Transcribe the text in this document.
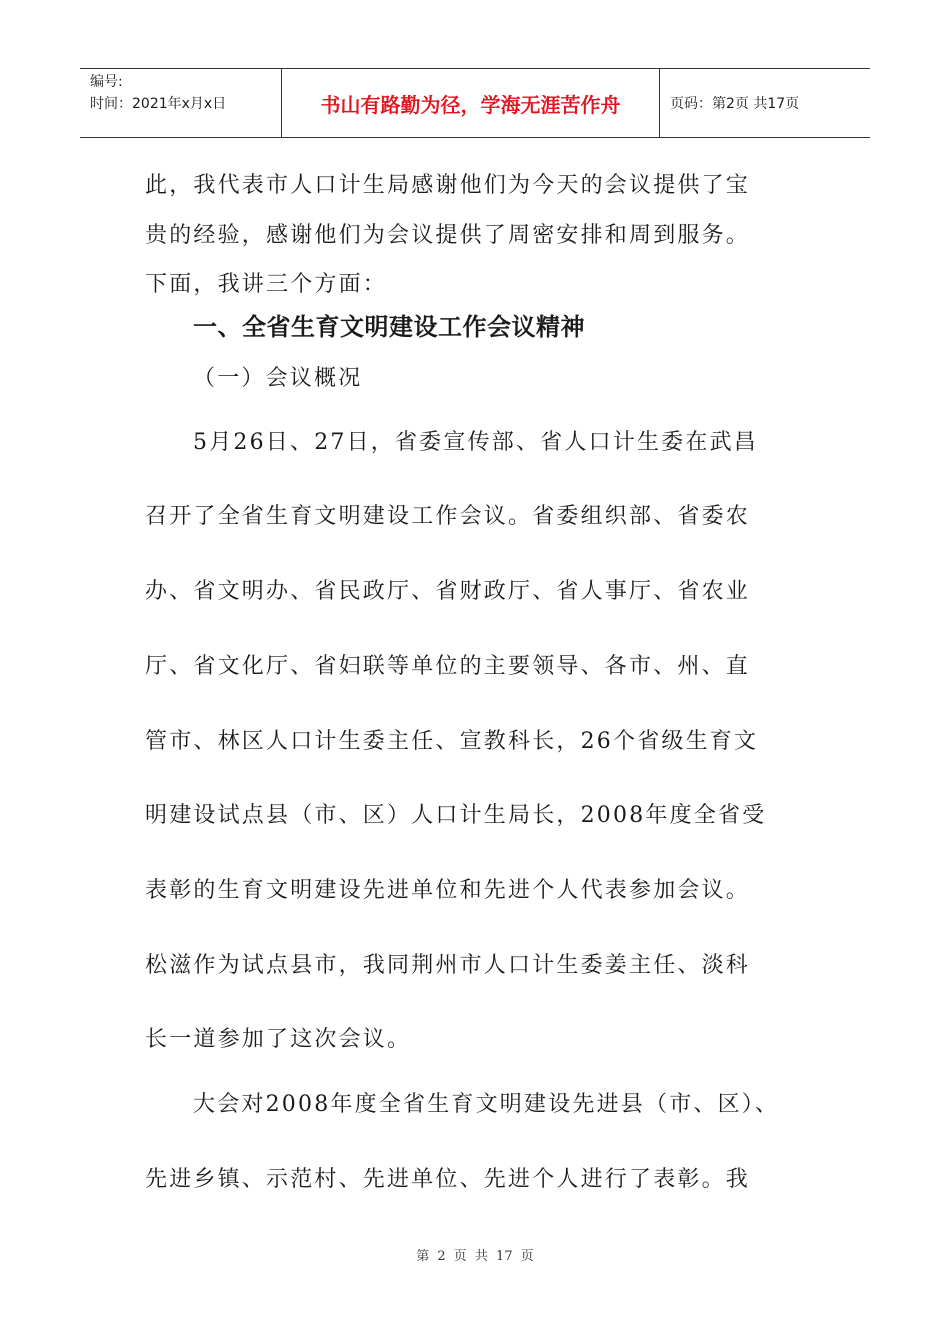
编号:
时间：2021年x月x日	书山有路勤为径，学海无涯苦作舟	页码：第2页 共17页
此，我代表市人口计生局感谢他们为今天的会议提供了宝
贵的经验，感谢他们为会议提供了周密安排和周到服务。
下面，我讲三个方面：
一、全省生育文明建设工作会议精神
（一）会议概况
5月26日、27日，省委宣传部、省人口计生委在武昌
召开了全省生育文明建设工作会议。省委组织部、省委农
办、省文明办、省民政厅、省财政厅、省人事厅、省农业
厅、省文化厅、省妇联等单位的主要领导、各市、州、直
管市、林区人口计生委主任、宣教科长，26个省级生育文
明建设试点县（市、区）人口计生局长，2008年度全省受
表彰的生育文明建设先进单位和先进个人代表参加会议。
松滋作为试点县市，我同荆州市人口计生委姜主任、淡科
长一道参加了这次会议。
大会对2008年度全省生育文明建设先进县（市、区）、
先进乡镇、示范村、先进单位、先进个人进行了表彰。我
第 2 页 共 17 页
